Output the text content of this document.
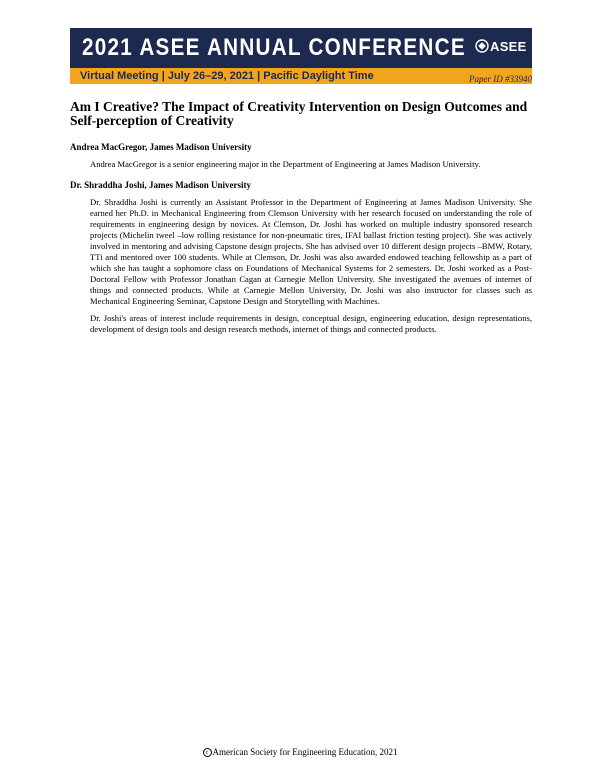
2021 ASEE ANNUAL CONFERENCE ASEE
Virtual Meeting | July 26–29, 2021 | Pacific Daylight Time	Paper ID #33940
Am I Creative? The Impact of Creativity Intervention on Design Outcomes and Self-perception of Creativity
Andrea MacGregor, James Madison University

Andrea MacGregor is a senior engineering major in the Department of Engineering at James Madison University.

Dr. Shraddha Joshi, James Madison University

Dr. Shraddha Joshi is currently an Assistant Professor in the Department of Engineering at James Madison University. She earned her Ph.D. in Mechanical Engineering from Clemson University with her research focused on understanding the role of requirements in engineering design by novices. At Clemson, Dr. Joshi has worked on multiple industry sponsored research projects (Michelin tweel –low rolling resistance for non-pneumatic tires, IFAI ballast friction testing project). She was actively involved in mentoring and advising Capstone design projects. She has advised over 10 different design projects –BMW, Rotary, TTi and mentored over 100 students. While at Clemson, Dr. Joshi was also awarded endowed teaching fellowship as a part of which she has taught a sophomore class on Foundations of Mechanical Systems for 2 semesters. Dr. Joshi worked as a Post-Doctoral Fellow with Professor Jonathan Cagan at Carnegie Mellon University. She investigated the avenues of internet of things and connected products. While at Carnegie Mellon University, Dr. Joshi was also instructor for classes such as Mechanical Engineering Seminar, Capstone Design and Storytelling with Machines.

Dr. Joshi's areas of interest include requirements in design, conceptual design, engineering education, design representations, development of design tools and design research methods, internet of things and connected products.

c American Society for Engineering Education, 2021
